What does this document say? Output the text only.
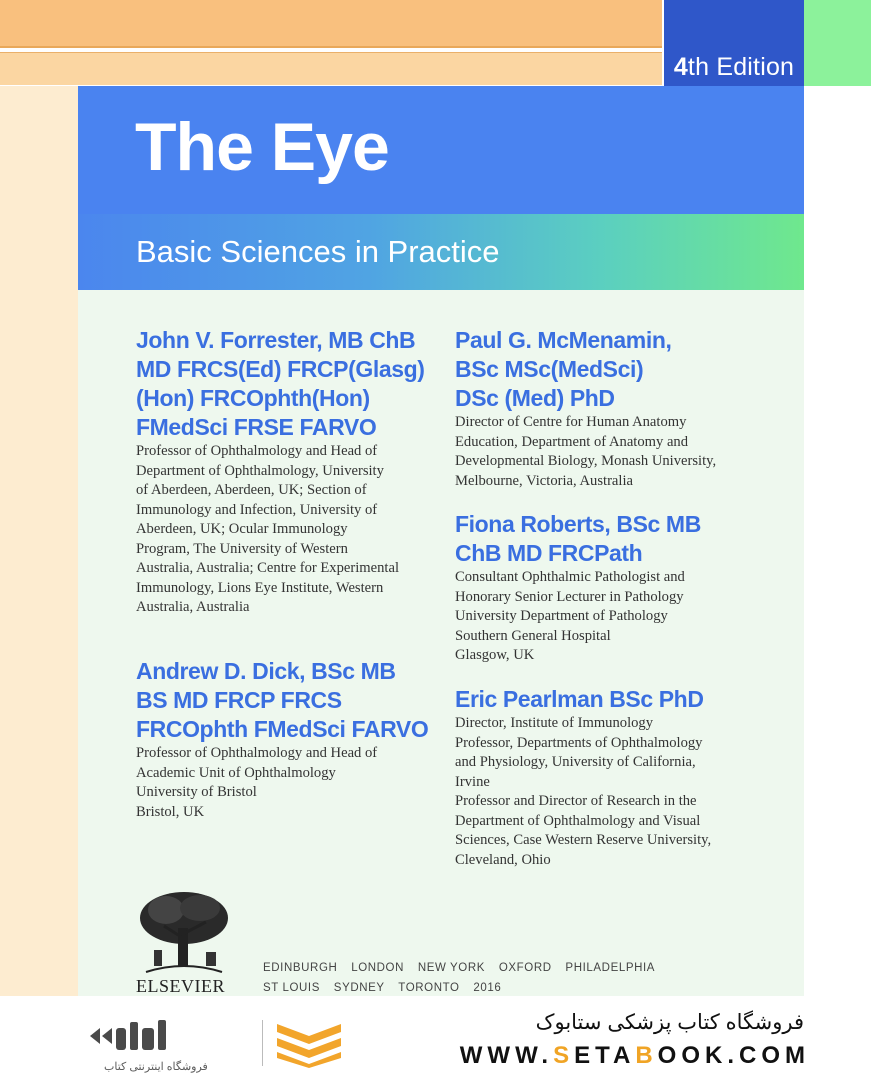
4th Edition
The Eye
Basic Sciences in Practice

John V. Forrester, MB ChB
MD FRCS(Ed) FRCP(Glasg)
(Hon) FRCOphth(Hon)
FMedSci FRSE FARVO

Professor of Ophthalmology and Head of
Department of Ophthalmology, University
of Aberdeen, Aberdeen, UK; Section of
Immunology and Infection, University of
Aberdeen, UK; Ocular Immunology
Program, The University of Western
Australia, Australia; Centre for Experimental
Immunology, Lions Eye Institute, Western
Australia, Australia

Andrew D. Dick, BSc MB
BS MD FRCP FRCS
FRCOphth FMedSci FARVO

Professor of Ophthalmology and Head of
Academic Unit of Ophthalmology
University of Bristol
Bristol, UK

Paul G. McMenamin,
BSc MSc(MedSci)
DSc (Med) PhD

Director of Centre for Human Anatomy
Education, Department of Anatomy and
Developmental Biology, Monash University,
Melbourne, Victoria, Australia

Fiona Roberts, BSc MB
ChB MD FRCPath

Consultant Ophthalmic Pathologist and
Honorary Senior Lecturer in Pathology
University Department of Pathology
Southern General Hospital
Glasgow, UK

Eric Pearlman BSc PhD

Director, Institute of Immunology
Professor, Departments of Ophthalmology
and Physiology, University of California,
Irvine
Professor and Director of Research in the
Department of Ophthalmology and Visual
Sciences, Case Western Reserve University,
Cleveland, Ohio

ELSEVIER
EDINBURGH LONDON NEW YORK OXFORD PHILADELPHIA
ST LOUIS SYDNEY TORONTO 2016
فروشگاه اینترنتی کتاب
فروشگاه کتاب پزشکی ستابوک
WWW.SETABOOK.COM
